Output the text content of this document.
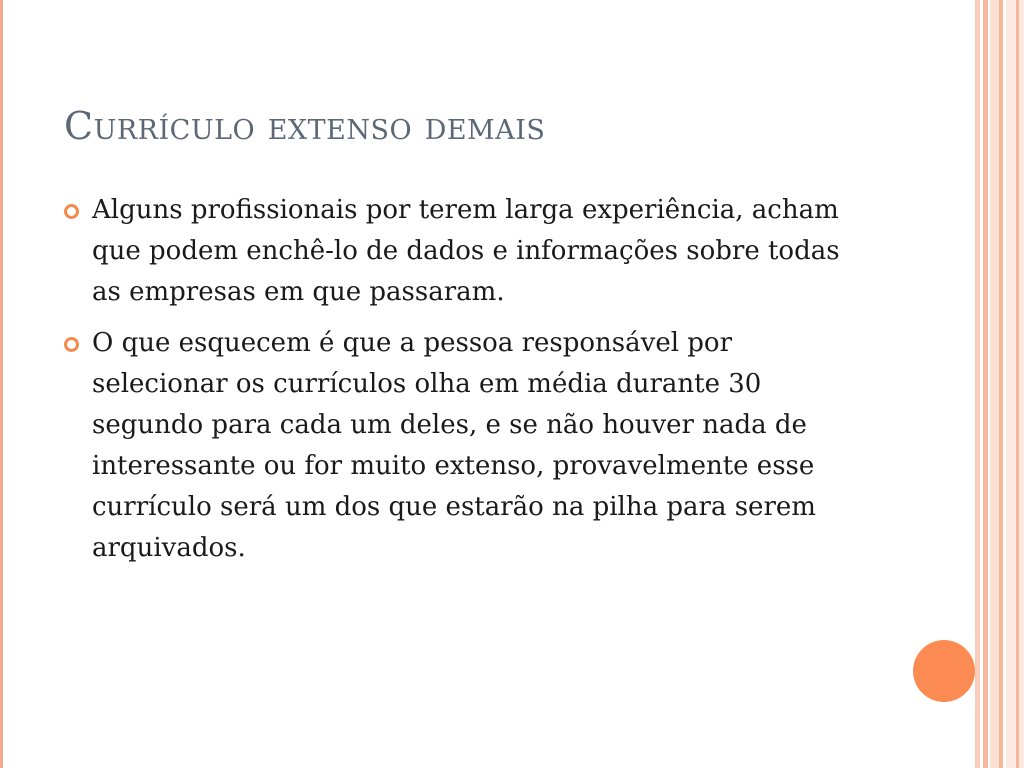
Currículo extenso demais
Alguns profissionais por terem larga experiência, acham que podem enchê-lo de dados e informações sobre todas as empresas em que passaram.
O que esquecem é que a pessoa responsável por selecionar os currículos olha em média durante 30 segundo para cada um deles, e se não houver nada de interessante ou for muito extenso, provavelmente esse currículo será um dos que estarão na pilha para serem arquivados.
